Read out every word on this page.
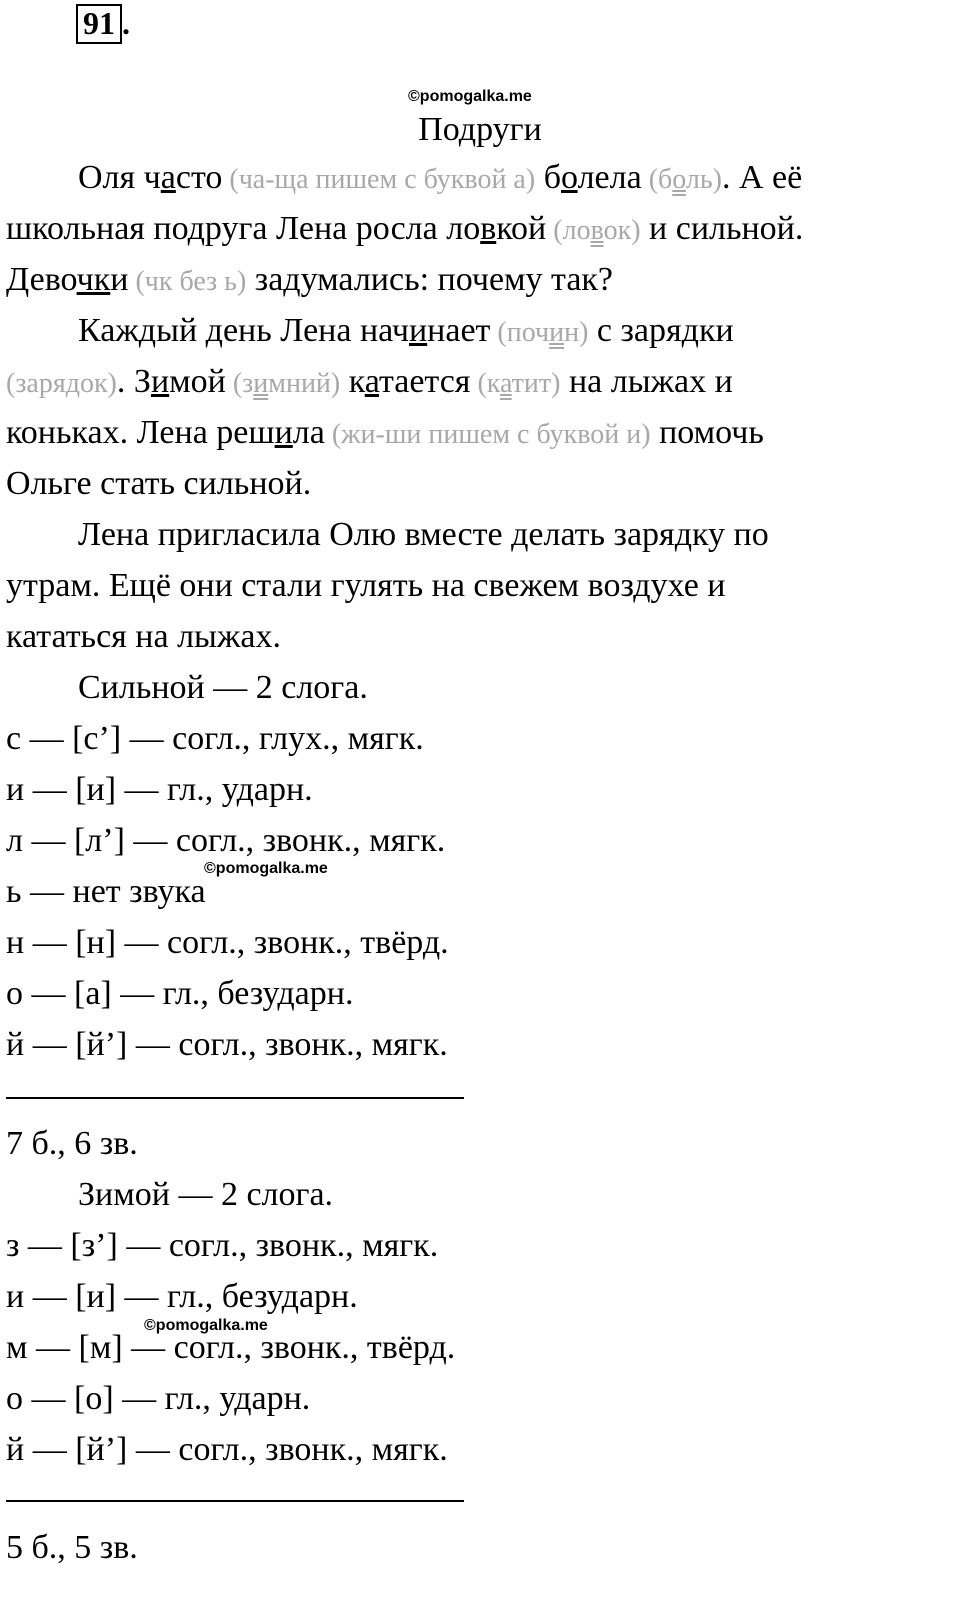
91 .
©pomogalka.me
Подруги
Оля часто (ча-ща пишем с буквой а) болела (боль). А её
школьная подруга Лена росла ловкой (ловок) и сильной.
Девочки (чк без ь) задумались: почему так?
Каждый день Лена начинает (почин) с зарядки
(зарядок). Зимой (зимний) катается (катит) на лыжах и
коньках. Лена решила (жи-ши пишем с буквой и) помочь
Ольге стать сильной.
Лена пригласила Олю вместе делать зарядку по
утрам. Ещё они стали гулять на свежем воздухе и
кататься на лыжах.
Сильной — 2 слога.
с — [с’] — согл., глух., мягк.
и — [и] — гл., ударн.
л — [л’] — согл., звонк., мягк.
ь — нет звука
©pomogalka.me
н — [н] — согл., звонк., твёрд.
о — [а] — гл., безударн.
й — [й’] — согл., звонк., мягк.
7 б., 6 зв.
Зимой — 2 слога.
з — [з’] — согл., звонк., мягк.
и — [и] — гл., безударн.
м — [м] — согл., звонк., твёрд.
©pomogalka.me
о — [о] — гл., ударн.
й — [й’] — согл., звонк., мягк.
5 б., 5 зв.
